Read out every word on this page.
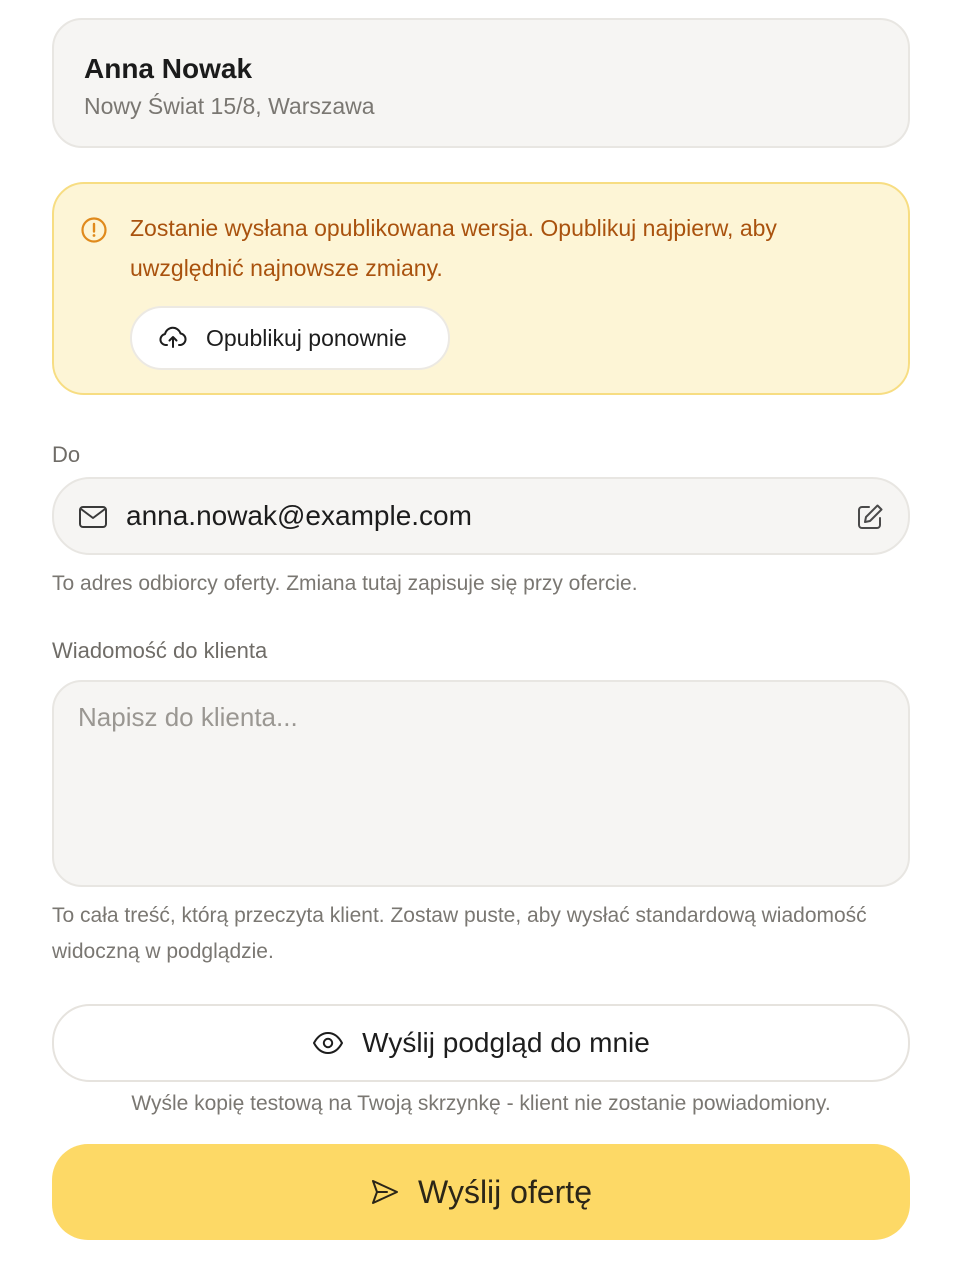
Anna Nowak
Nowy Świat 15/8, Warszawa
Zostanie wysłana opublikowana wersja. Opublikuj najpierw, aby uwzględnić najnowsze zmiany.
Opublikuj ponownie
Do
anna.nowak@example.com
To adres odbiorcy oferty. Zmiana tutaj zapisuje się przy ofercie.
Wiadomość do klienta
Napisz do klienta...
To cała treść, którą przeczyta klient. Zostaw puste, aby wysłać standardową wiadomość widoczną w podglądzie.
Wyślij podgląd do mnie
Wyśle kopię testową na Twoją skrzynkę - klient nie zostanie powiadomiony.
Wyślij ofertę
